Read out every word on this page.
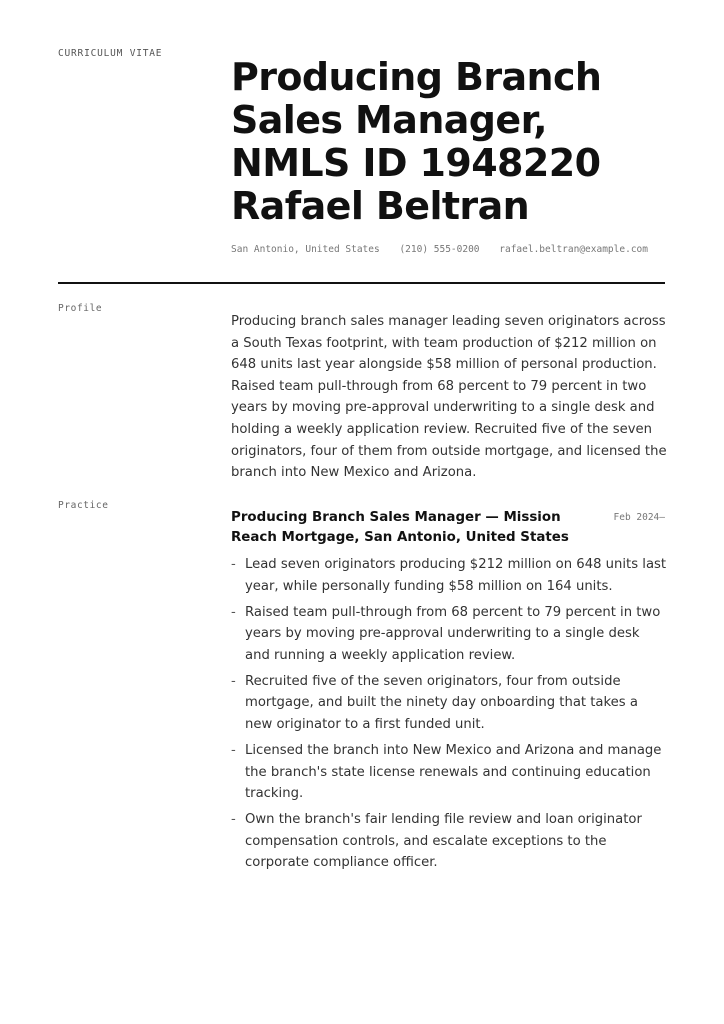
CURRICULUM VITAE
Producing Branch
Sales Manager,
NMLS ID 1948220
Rafael Beltran
San Antonio, United States (210) 555-0200 rafael.beltran@example.com
Profile

Producing branch sales manager leading seven originators across a South Texas footprint, with team production of $212 million on 648 units last year alongside $58 million of personal production. Raised team pull-through from 68 percent to 79 percent in two years by moving pre-approval underwriting to a single desk and holding a weekly application review. Recruited five of the seven originators, four of them from outside mortgage, and licensed the branch into New Mexico and Arizona.

Practice
Producing Branch Sales Manager — Mission Reach Mortgage, San Antonio, United States
Feb 2024–
- Lead seven originators producing $212 million on 648 units last year, while personally funding $58 million on 164 units.
- Raised team pull-through from 68 percent to 79 percent in two years by moving pre-approval underwriting to a single desk and running a weekly application review.
- Recruited five of the seven originators, four from outside mortgage, and built the ninety day onboarding that takes a new originator to a first funded unit.
- Licensed the branch into New Mexico and Arizona and manage the branch's state license renewals and continuing education tracking.
- Own the branch's fair lending file review and loan originator compensation controls, and escalate exceptions to the corporate compliance officer.
